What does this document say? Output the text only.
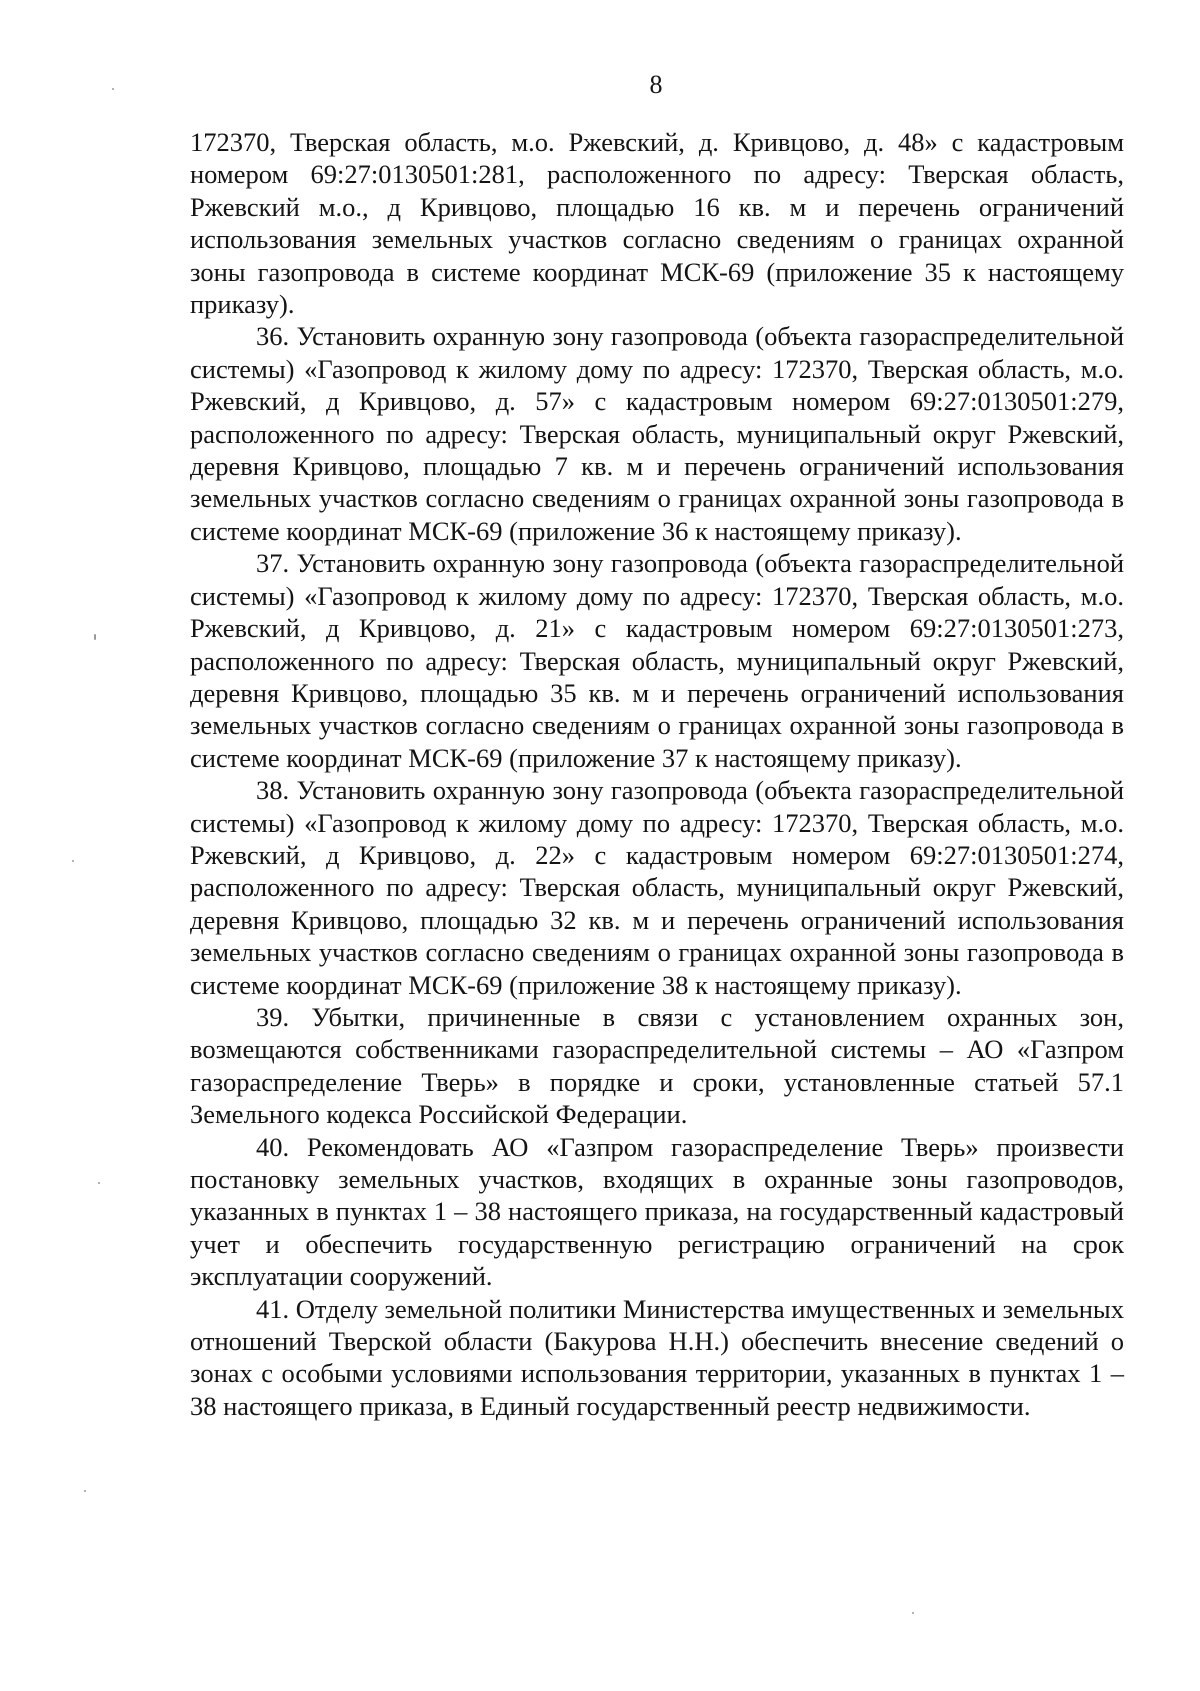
8

172370, Тверская область, м.о. Ржевский, д. Кривцово, д. 48» с кадастровым номером 69:27:0130501:281, расположенного по адресу: Тверская область, Ржевский м.о., д Кривцово, площадью 16 кв. м и перечень ограничений использования земельных участков согласно сведениям о границах охранной зоны газопровода в системе координат МСК-69 (приложение 35 к настоящему приказу).

36. Установить охранную зону газопровода (объекта газораспределительной системы) «Газопровод к жилому дому по адресу: 172370, Тверская область, м.о. Ржевский, д Кривцово, д. 57» с кадастровым номером 69:27:0130501:279, расположенного по адресу: Тверская область, муниципальный округ Ржевский, деревня Кривцово, площадью 7 кв. м и перечень ограничений использования земельных участков согласно сведениям о границах охранной зоны газопровода в системе координат МСК-69 (приложение 36 к настоящему приказу).

37. Установить охранную зону газопровода (объекта газораспределительной системы) «Газопровод к жилому дому по адресу: 172370, Тверская область, м.о. Ржевский, д Кривцово, д. 21» с кадастровым номером 69:27:0130501:273, расположенного по адресу: Тверская область, муниципальный округ Ржевский, деревня Кривцово, площадью 35 кв. м и перечень ограничений использования земельных участков согласно сведениям о границах охранной зоны газопровода в системе координат МСК-69 (приложение 37 к настоящему приказу).

38. Установить охранную зону газопровода (объекта газораспределительной системы) «Газопровод к жилому дому по адресу: 172370, Тверская область, м.о. Ржевский, д Кривцово, д. 22» с кадастровым номером 69:27:0130501:274, расположенного по адресу: Тверская область, муниципальный округ Ржевский, деревня Кривцово, площадью 32 кв. м и перечень ограничений использования земельных участков согласно сведениям о границах охранной зоны газопровода в системе координат МСК-69 (приложение 38 к настоящему приказу).

39. Убытки, причиненные в связи с установлением охранных зон, возмещаются собственниками газораспределительной системы – АО «Газпром газораспределение Тверь» в порядке и сроки, установленные статьей 57.1 Земельного кодекса Российской Федерации.

40. Рекомендовать АО «Газпром газораспределение Тверь» произвести постановку земельных участков, входящих в охранные зоны газопроводов, указанных в пунктах 1 – 38 настоящего приказа, на государственный кадастровый учет и обеспечить государственную регистрацию ограничений на срок эксплуатации сооружений.

41. Отделу земельной политики Министерства имущественных и земельных отношений Тверской области (Бакурова Н.Н.) обеспечить внесение сведений о зонах с особыми условиями использования территории, указанных в пунктах 1 – 38 настоящего приказа, в Единый государственный реестр недвижимости.
